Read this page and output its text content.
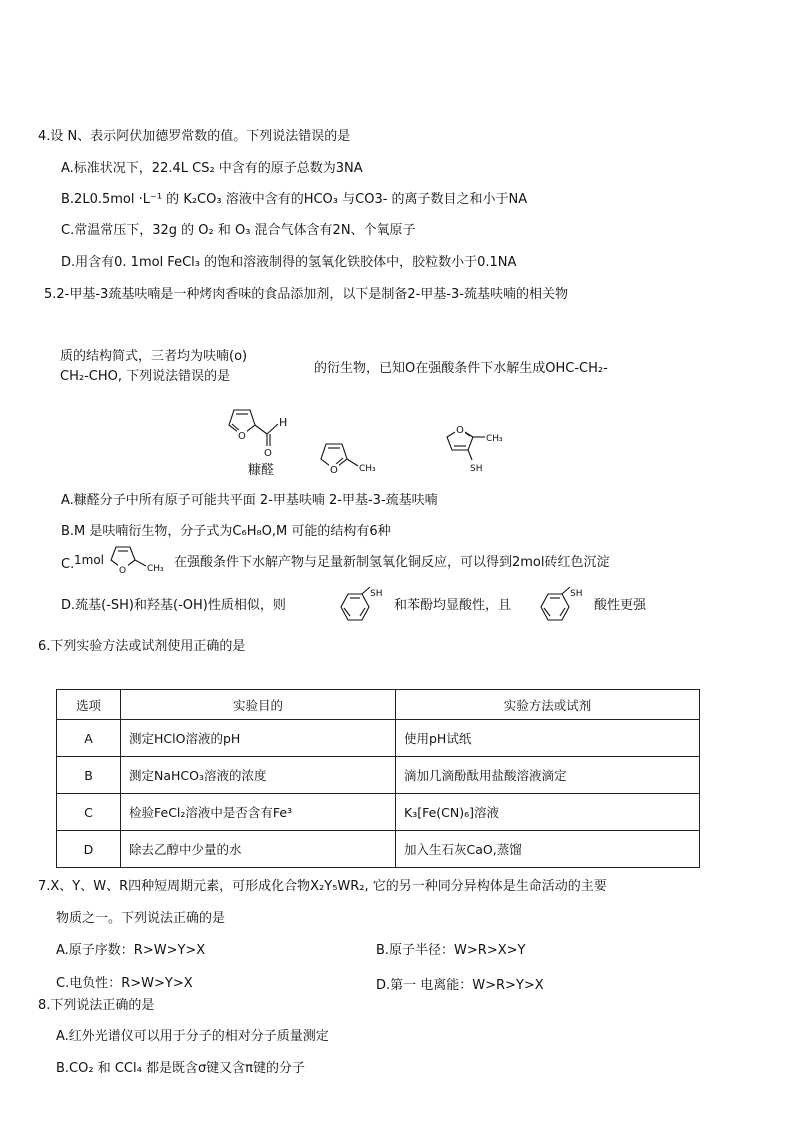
4.设 N、表示阿伏加德罗常数的值。下列说法错误的是
A.标准状况下，22.4L CS₂ 中含有的原子总数为3NA
B.2L0.5mol ·L⁻¹ 的 K₂CO₃ 溶液中含有的HCO₃ 与CO3- 的离子数目之和小于NA
C.常温常压下，32g 的 O₂ 和 O₃ 混合气体含有2N、个氧原子
D.用含有0. 1mol FeCl₃ 的饱和溶液制得的氢氧化铁胶体中，胶粒数小于0.1NA
5.2-甲基-3巯基呋喃是一种烤肉香味的食品添加剂，以下是制备2-甲基-3-巯基呋喃的相关物
质的结构简式，三者均为呋喃(o)
CH₂-CHO, 下列说法错误的是
的衍生物，已知O在强酸条件下水解生成OHC-CH₂-
O
H
O
糠醛	O CH₃
O
CH₃
SH
A.糠醛分子中所有原子可能共平面 2-甲基呋喃 2-甲基-3-巯基呋喃
B.M 是呋喃衍生物，分子式为C₆H₈O,M 可能的结构有6种
C. 1mol
O CH₃ 在强酸条件下水解产物与足量新制氢氧化铜反应，可以得到2mol砖红色沉淀
D.巯基(-SH)和羟基(-OH)性质相似，则
SH
和苯酚均显酸性，且
SH
酸性更强
6.下列实验方法或试剂使用正确的是
选项	实验目的	实验方法或试剂
A	测定HClO溶液的pH	使用pH试纸
B	测定NaHCO₃溶液的浓度	滴加几滴酚酞用盐酸溶液滴定
C	检验FeCl₂溶液中是否含有Fe³	K₃[Fe(CN)₆]溶液
D	除去乙醇中少量的水	加入生石灰CaO,蒸馏
7.X、Y、W、R四种短周期元素，可形成化合物X₂Y₅WR₂, 它的另一种同分异构体是生命活动的主要
物质之一。下列说法正确的是
A.原子序数：R>W>Y>X	B.原子半径：W>R>X>Y
C.电负性：R>W>Y>X	D.第一 电离能：W>R>Y>X
8.下列说法正确的是
A.红外光谱仪可以用于分子的相对分子质量测定
B.CO₂ 和 CCl₄ 都是既含σ键又含π键的分子
